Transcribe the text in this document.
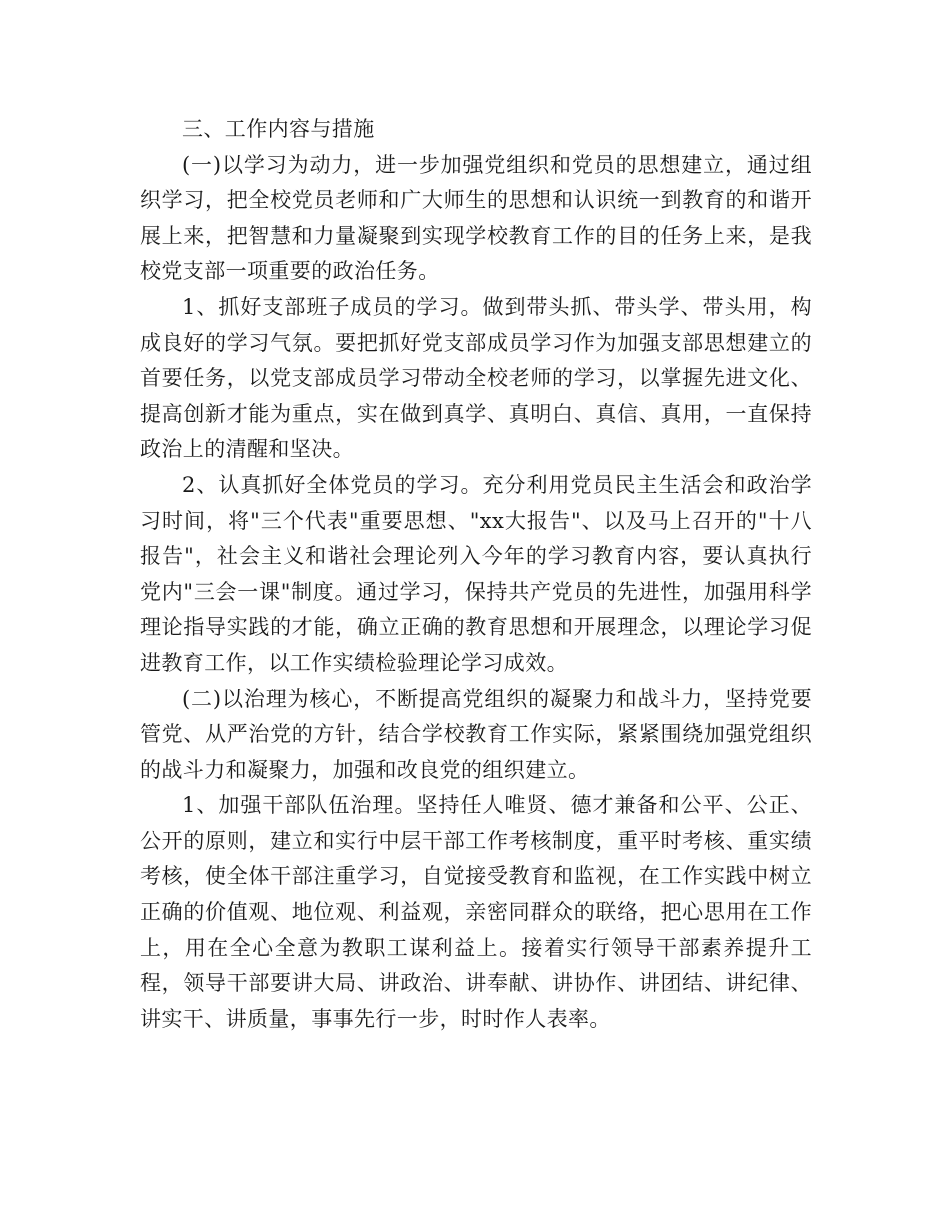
三、工作内容与措施

(一)以学习为动力，进一步加强党组织和党员的思想建立，通过组织学习，把全校党员老师和广大师生的思想和认识统一到教育的和谐开展上来，把智慧和力量凝聚到实现学校教育工作的目的任务上来，是我校党支部一项重要的政治任务。

1、抓好支部班子成员的学习。做到带头抓、带头学、带头用，构成良好的学习气氛。要把抓好党支部成员学习作为加强支部思想建立的首要任务，以党支部成员学习带动全校老师的学习，以掌握先进文化、提高创新才能为重点，实在做到真学、真明白、真信、真用，一直保持政治上的清醒和坚决。

2、认真抓好全体党员的学习。充分利用党员民主生活会和政治学习时间，将"三个代表"重要思想、"xx大报告"、以及马上召开的"十八报告"，社会主义和谐社会理论列入今年的学习教育内容，要认真执行党内"三会一课"制度。通过学习，保持共产党员的先进性，加强用科学理论指导实践的才能，确立正确的教育思想和开展理念，以理论学习促进教育工作，以工作实绩检验理论学习成效。

(二)以治理为核心，不断提高党组织的凝聚力和战斗力，坚持党要管党、从严治党的方针，结合学校教育工作实际，紧紧围绕加强党组织的战斗力和凝聚力，加强和改良党的组织建立。

1、加强干部队伍治理。坚持任人唯贤、德才兼备和公平、公正、公开的原则，建立和实行中层干部工作考核制度，重平时考核、重实绩考核，使全体干部注重学习，自觉接受教育和监视，在工作实践中树立正确的价值观、地位观、利益观，亲密同群众的联络，把心思用在工作上，用在全心全意为教职工谋利益上。接着实行领导干部素养提升工程，领导干部要讲大局、讲政治、讲奉献、讲协作、讲团结、讲纪律、讲实干、讲质量，事事先行一步，时时作人表率。
